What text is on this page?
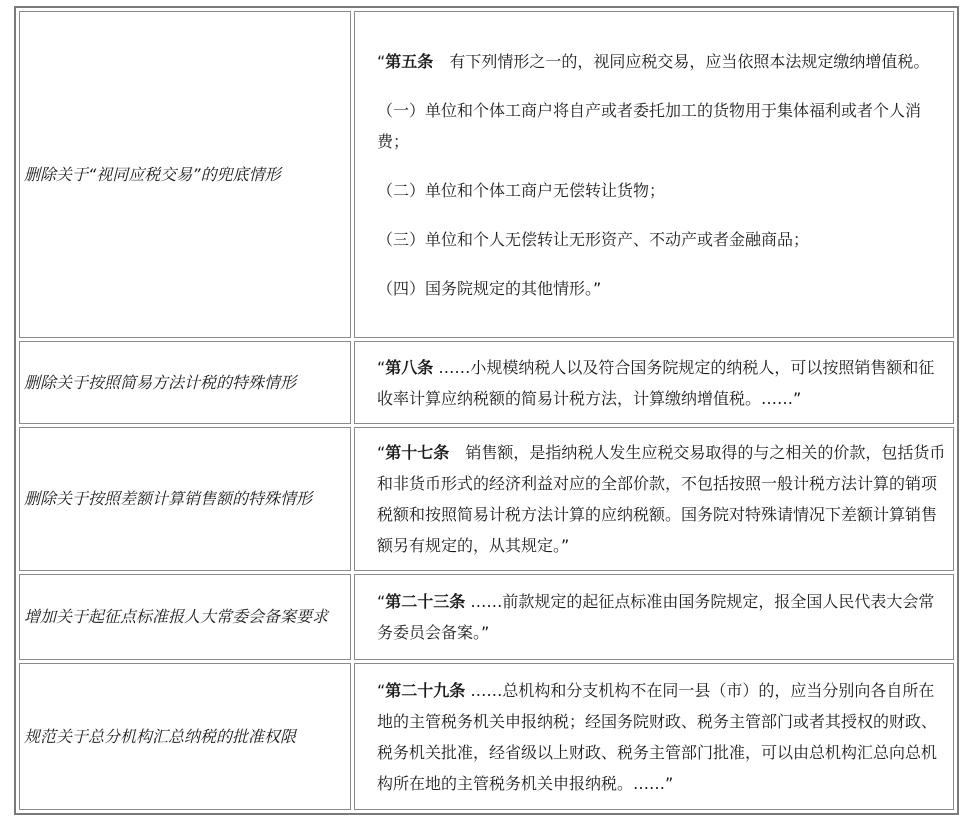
删除关于“视同应税交易”的兜底情形	“第五条　有下列情形之一的，视同应税交易，应当依照本法规定缴纳增值税。

（一）单位和个体工商户将自产或者委托加工的货物用于集体福利或者个人消费；

（二）单位和个体工商户无偿转让货物；

（三）单位和个人无偿转让无形资产、不动产或者金融商品；

（四）国务院规定的其他情形。”

删除关于按照简易方法计税的特殊情形	“第八条 ……小规模纳税人以及符合国务院规定的纳税人，可以按照销售额和征收率计算应纳税额的简易计税方法，计算缴纳增值税。……”

删除关于按照差额计算销售额的特殊情形	“第十七条　销售额，是指纳税人发生应税交易取得的与之相关的价款，包括货币和非货币形式的经济利益对应的全部价款，不包括按照一般计税方法计算的销项税额和按照简易计税方法计算的应纳税额。国务院对特殊请情况下差额计算销售额另有规定的，从其规定。”

增加关于起征点标准报人大常委会备案要求	“第二十三条 ……前款规定的起征点标准由国务院规定，报全国人民代表大会常务委员会备案。”

规范关于总分机构汇总纳税的批准权限	“第二十九条 ……总机构和分支机构不在同一县（市）的，应当分别向各自所在地的主管税务机关申报纳税；经国务院财政、税务主管部门或者其授权的财政、税务机关批准，经省级以上财政、税务主管部门批准，可以由总机构汇总向总机构所在地的主管税务机关申报纳税。……”
